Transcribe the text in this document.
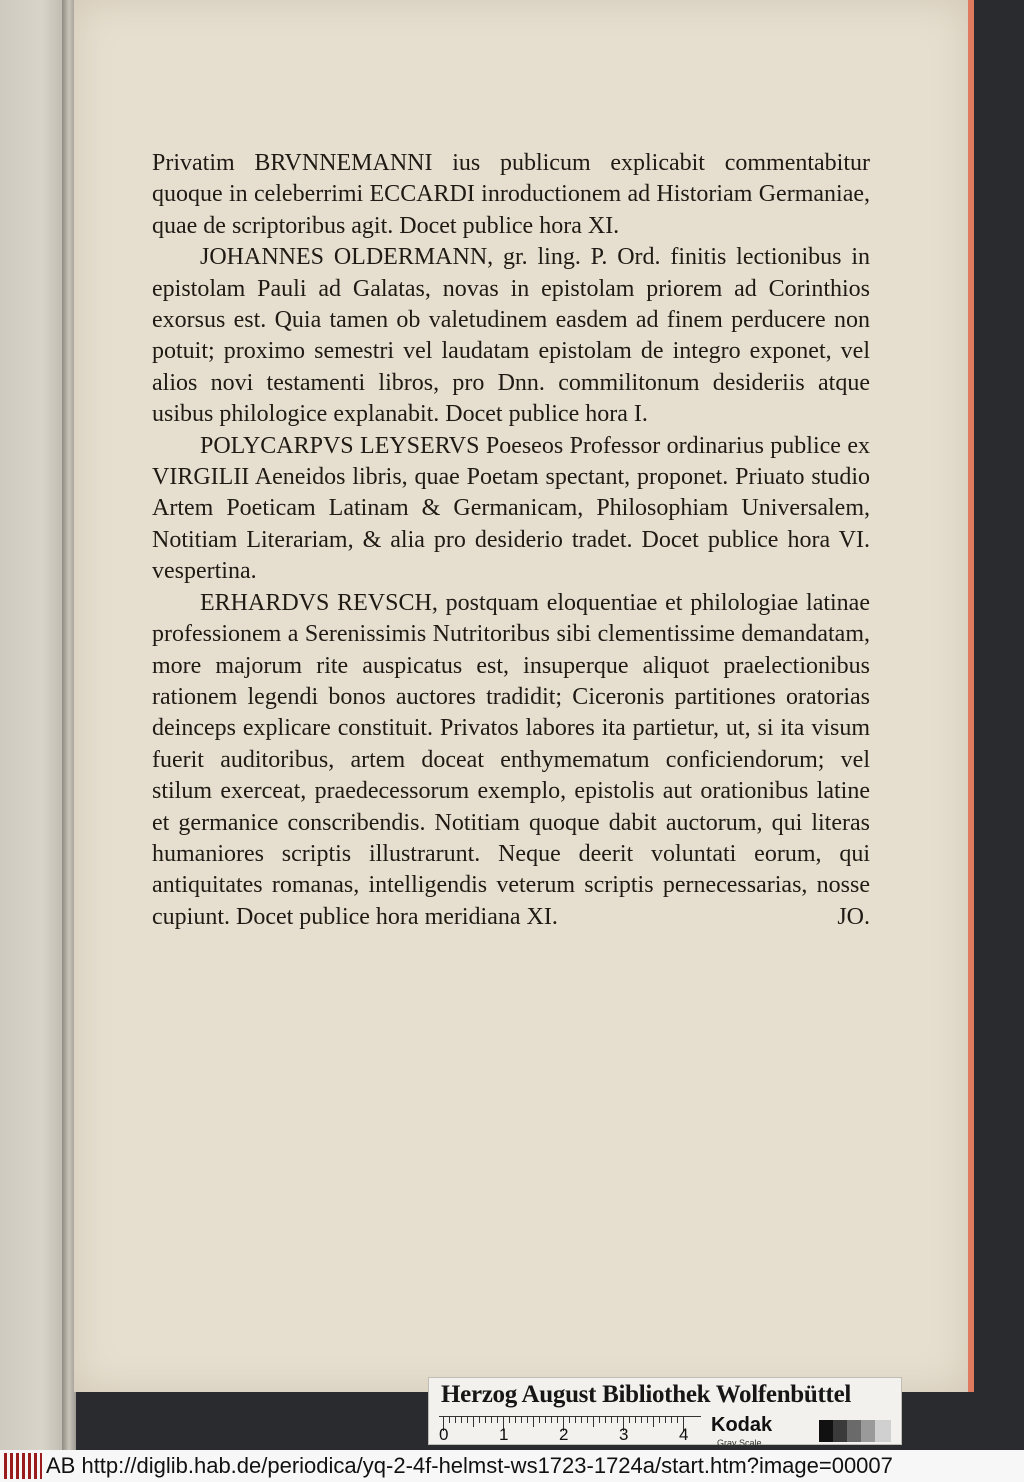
Privatim BRVNNEMANNI ius publicum explicabit commentabitur quoque in celeberrimi ECCARDI inroductionem ad Historiam Germaniae, quae de scriptoribus agit. Docet publice hora XI.

JOHANNES OLDERMANN, gr. ling. P. Ord. finitis lectionibus in epistolam Pauli ad Galatas, novas in epistolam priorem ad Corinthios exorsus est. Quia tamen ob valetudinem easdem ad finem perducere non potuit; proximo semestri vel laudatam epistolam de integro exponet, vel alios novi testamenti libros, pro Dnn. commilitonum desideriis atque usibus philologice explanabit. Docet publice hora I.

POLYCARPVS LEYSERVS Poeseos Professor ordinarius publice ex VIRGILII Aeneidos libris, quae Poetam spectant, proponet. Priuato studio Artem Poeticam Latinam & Germanicam, Philosophiam Universalem, Notitiam Literariam, & alia pro desiderio tradet. Docet publice hora VI. vespertina.

ERHARDVS REVSCH, postquam eloquentiae et philologiae latinae professionem a Serenissimis Nutritoribus sibi clementissime demandatam, more majorum rite auspicatus est, insuperque aliquot praelectionibus rationem legendi bonos auctores tradidit; Ciceronis partitiones oratorias deinceps explicare constituit. Privatos labores ita partietur, ut, si ita visum fuerit auditoribus, artem doceat enthymematum conficiendorum; vel stilum exerceat, praedecessorum exemplo, epistolis aut orationibus latine et germanice conscribendis. Notitiam quoque dabit auctorum, qui literas humaniores scriptis illustrarunt. Neque deerit voluntati eorum, qui antiquitates romanas, intelligendis veterum scriptis pernecessarias, nosse cupiunt. Docet publice hora meridiana XI.	JO.

Herzog August Bibliothek Wolfenbüttel
0	1	2	3	4 Kodak
Gray Scale
AB http://diglib.hab.de/periodica/yq-2-4f-helmst-ws1723-1724a/start.htm?image=00007
